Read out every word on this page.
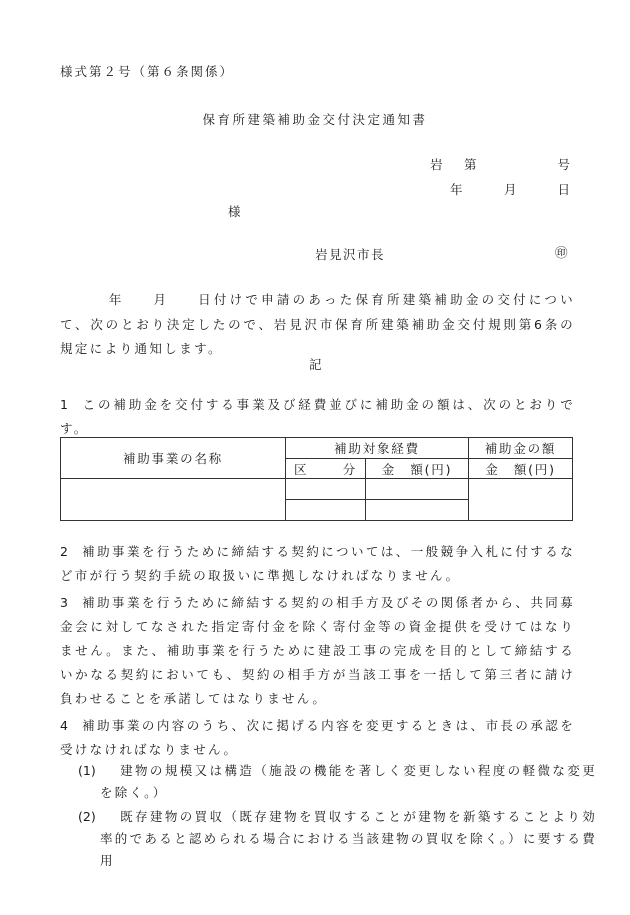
様式第２号（第６条関係）
保育所建築補助金交付決定通知書
岩 第	号
年	月	日
様
岩見沢市長	㊞
年 月 日付けで申請のあった保育所建築補助金の交付について、次のとおり決定したので、岩見沢市保育所建築補助金交付規則第6条の規定により通知します。
記
1 この補助金を交付する事業及び経費並びに補助金の額は、次のとおりです。
補助事業の名称	補助対象経費		補助金の額

	区 分	金　額(円)	金　額(円)

2 補助事業を行うために締結する契約については、一般競争入札に付するなど市が行う契約手続の取扱いに準拠しなければなりません。
3 補助事業を行うために締結する契約の相手方及びその関係者から、共同募金会に対してなされた指定寄付金を除く寄付金等の資金提供を受けてはなりません。また、補助事業を行うために建設工事の完成を目的として締結するいかなる契約においても、契約の相手方が当該工事を一括して第三者に請け負わせることを承諾してはなりません。
4 補助事業の内容のうち、次に掲げる内容を変更するときは、市長の承認を受けなければなりません。
(1) 建物の規模又は構造（施設の機能を著しく変更しない程度の軽微な変更を除く。）
(2) 既存建物の買収（既存建物を買収することが建物を新築することより効率的であると認められる場合における当該建物の買収を除く。）に要する費用
